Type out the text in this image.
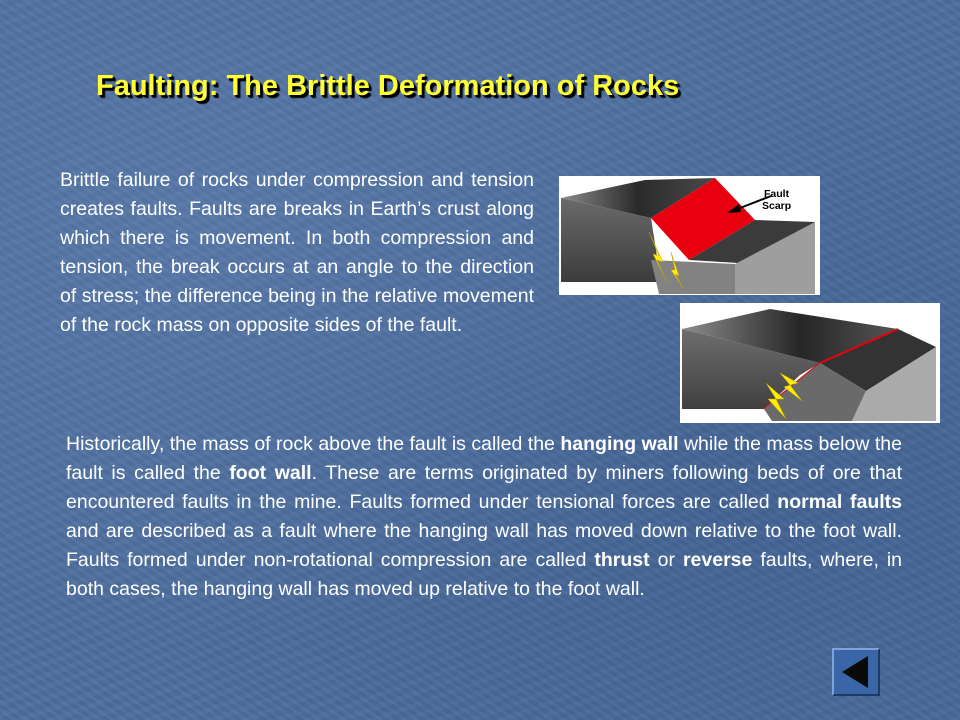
Faulting: The Brittle Deformation of Rocks

Brittle failure of rocks under compression and tension creates faults. Faults are breaks in Earth’s crust along which there is movement. In both compression and tension, the break occurs at an angle to the direction of stress; the difference being in the relative movement of the rock mass on opposite sides of the fault.

Fault
Scarp

Historically, the mass of rock above the fault is called the hanging wall while the mass below the fault is called the foot wall. These are terms originated by miners following beds of ore that encountered faults in the mine. Faults formed under tensional forces are called normal faults and are described as a fault where the hanging wall has moved down relative to the foot wall. Faults formed under non-rotational compression are called thrust or reverse faults, where, in both cases, the hanging wall has moved up relative to the foot wall.
